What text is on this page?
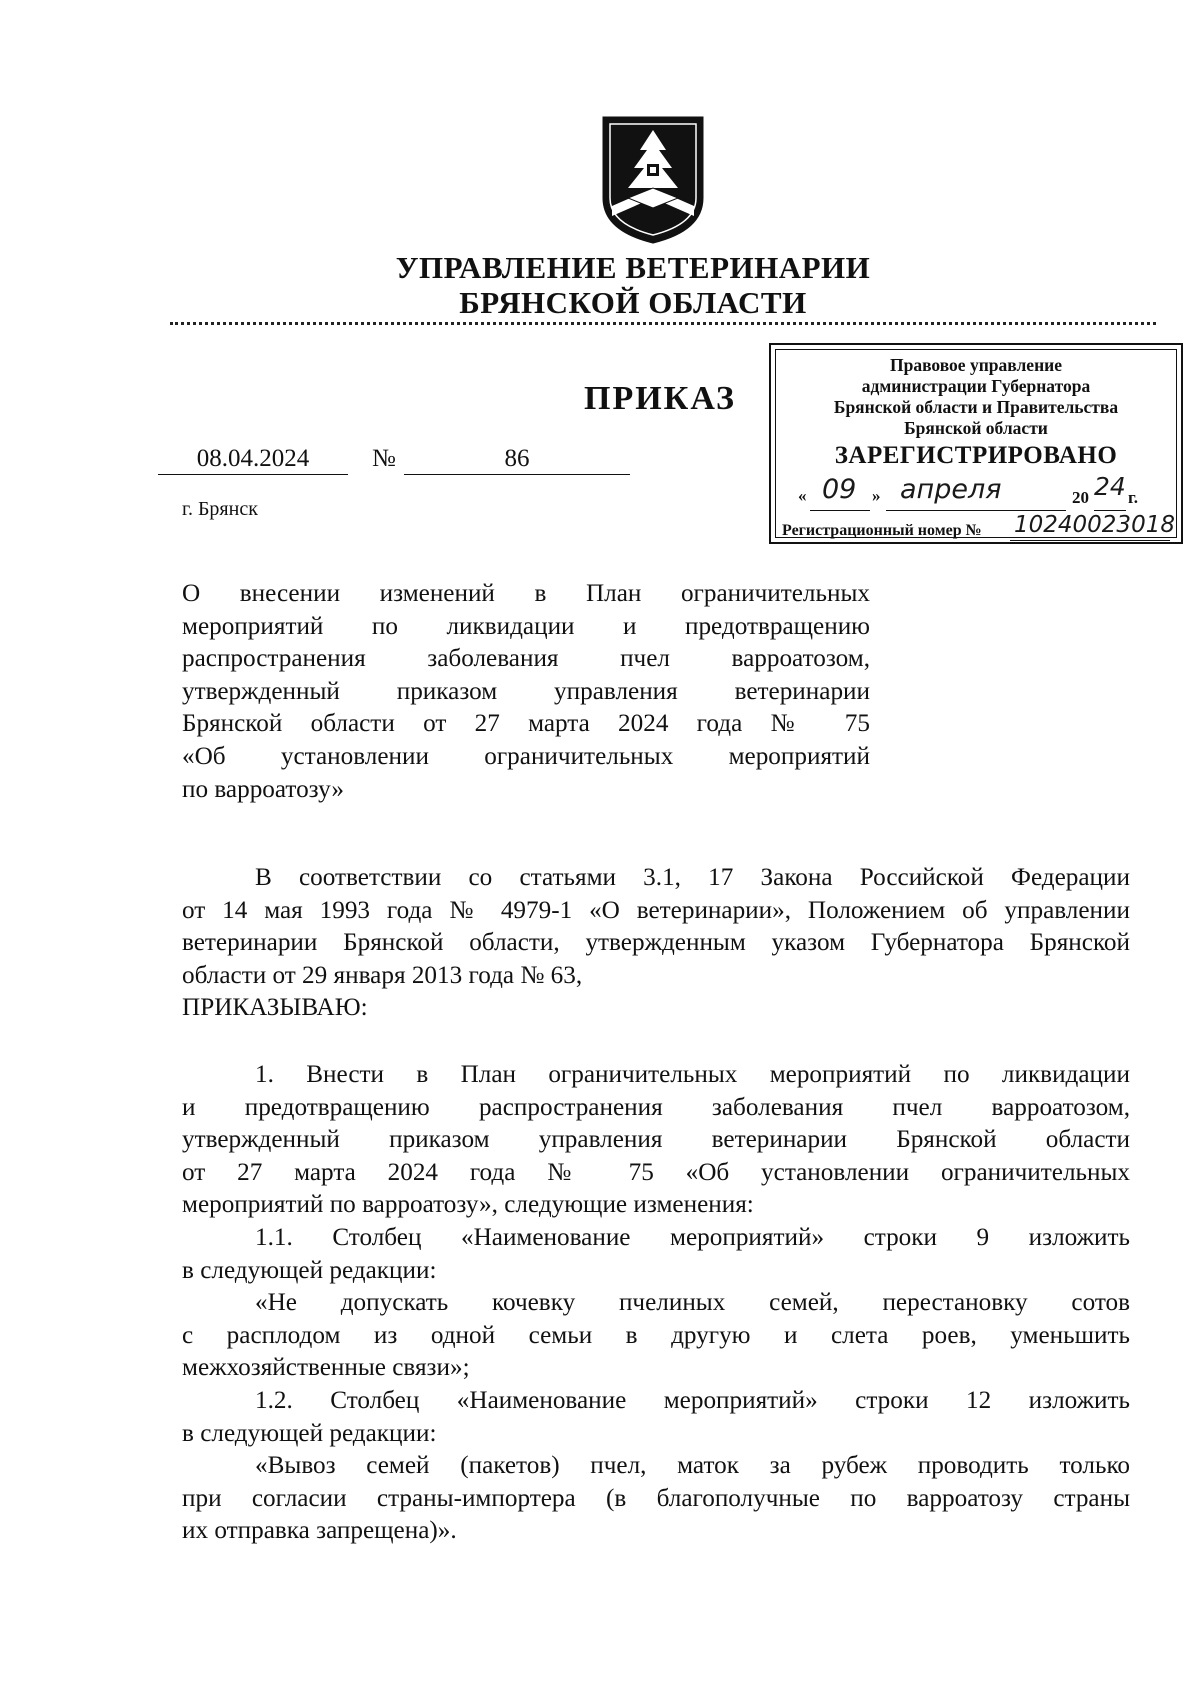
УПРАВЛЕНИЕ ВЕТЕРИНАРИИ
БРЯНСКОЙ ОБЛАСТИ
ПРИКАЗ
08.04.2024	№	86
г. Брянск
Правовое управление
администрации Губернатора
Брянской области и Правительства
Брянской области
ЗАРЕГИСТРИРОВАНО
« 09 » апреля	20 24 г.
Регистрационный номер № 10240023018
О внесении изменений в План ограничительных
мероприятий по ликвидации и предотвращению
распространения заболевания пчел варроатозом,
утвержденный приказом управления ветеринарии
Брянской области от 27 марта 2024 года № 75
«Об установлении ограничительных мероприятий
по варроатозу»
В соответствии со статьями 3.1, 17 Закона Российской Федерации
от 14 мая 1993 года № 4979-1 «О ветеринарии», Положением об управлении
ветеринарии Брянской области, утвержденным указом Губернатора Брянской
области от 29 января 2013 года № 63,
ПРИКАЗЫВАЮ:
1. Внести в План ограничительных мероприятий по ликвидации
и предотвращению распространения заболевания пчел варроатозом,
утвержденный приказом управления ветеринарии Брянской области
от 27 марта 2024 года № 75 «Об установлении ограничительных
мероприятий по варроатозу», следующие изменения:
1.1. Столбец «Наименование мероприятий» строки 9 изложить
в следующей редакции:
«Не допускать кочевку пчелиных семей, перестановку сотов
с расплодом из одной семьи в другую и слета роев, уменьшить
межхозяйственные связи»;
1.2. Столбец «Наименование мероприятий» строки 12 изложить
в следующей редакции:
«Вывоз семей (пакетов) пчел, маток за рубеж проводить только
при согласии страны-импортера (в благополучные по варроатозу страны
их отправка запрещена)».
